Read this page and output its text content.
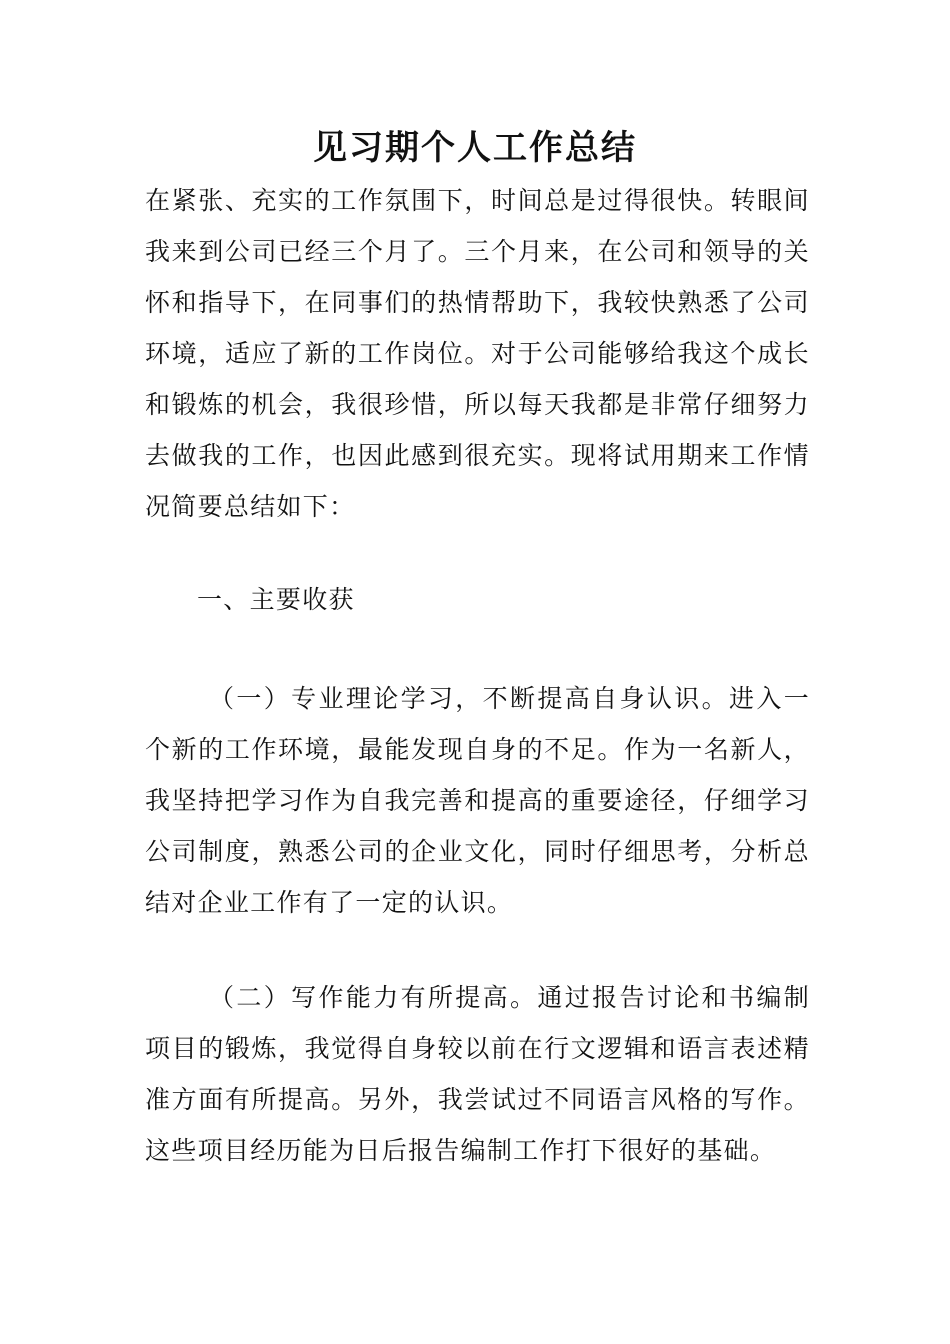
见习期个人工作总结

在紧张、充实的工作氛围下，时间总是过得很快。转眼间我来到公司已经三个月了。三个月来，在公司和领导的关怀和指导下，在同事们的热情帮助下，我较快熟悉了公司环境，适应了新的工作岗位。对于公司能够给我这个成长和锻炼的机会，我很珍惜，所以每天我都是非常仔细努力去做我的工作，也因此感到很充实。现将试用期来工作情况简要总结如下：

一、主要收获

（一）专业理论学习，不断提高自身认识。进入一个新的工作环境，最能发现自身的不足。作为一名新人，我坚持把学习作为自我完善和提高的重要途径，仔细学习公司制度，熟悉公司的企业文化，同时仔细思考，分析总结对企业工作有了一定的认识。

（二）写作能力有所提高。通过报告讨论和书编制项目的锻炼，我觉得自身较以前在行文逻辑和语言表述精准方面有所提高。另外，我尝试过不同语言风格的写作。这些项目经历能为日后报告编制工作打下很好的基础。
